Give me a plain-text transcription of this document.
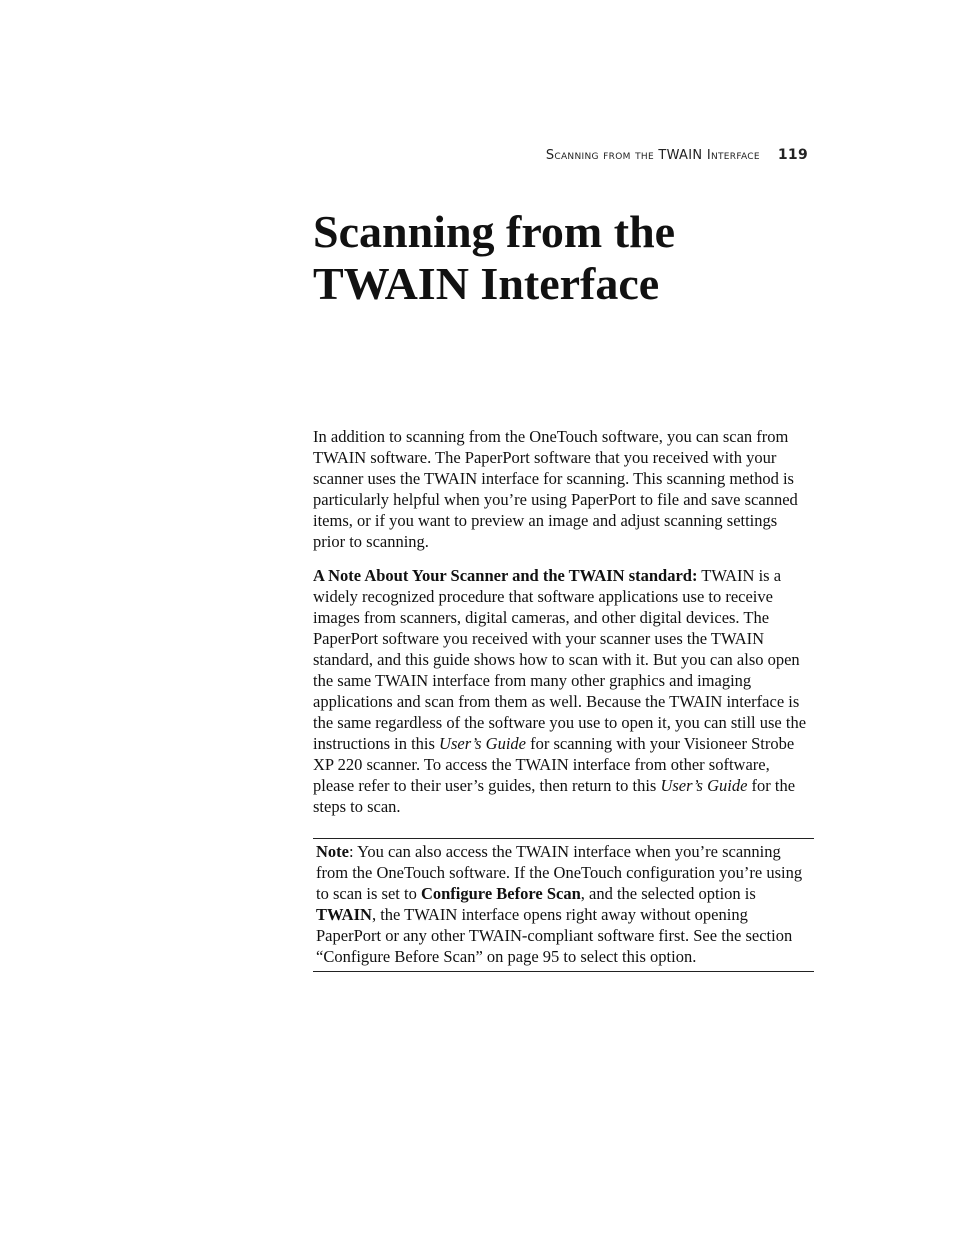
Scanning from the TWAIN Interface 119
Scanning from the
TWAIN Interface

In addition to scanning from the OneTouch software, you can scan from TWAIN software. The PaperPort software that you received with your scanner uses the TWAIN interface for scanning. This scanning method is particularly helpful when you’re using PaperPort to file and save scanned items, or if you want to preview an image and adjust scanning settings prior to scanning.

A Note About Your Scanner and the TWAIN standard: TWAIN is a widely recognized procedure that software applications use to receive images from scanners, digital cameras, and other digital devices. The PaperPort software you received with your scanner uses the TWAIN standard, and this guide shows how to scan with it. But you can also open the same TWAIN interface from many other graphics and imaging applications and scan from them as well. Because the TWAIN interface is the same regardless of the software you use to open it, you can still use the instructions in this User’s Guide for scanning with your Visioneer Strobe XP 220 scanner. To access the TWAIN interface from other software, please refer to their user’s guides, then return to this User’s Guide for the steps to scan.

Note: You can also access the TWAIN interface when you’re scanning from the OneTouch software. If the OneTouch configuration you’re using to scan is set to Configure Before Scan, and the selected option is TWAIN, the TWAIN interface opens right away without opening PaperPort or any other TWAIN-compliant software first. See the section “Configure Before Scan” on page 95 to select this option.
